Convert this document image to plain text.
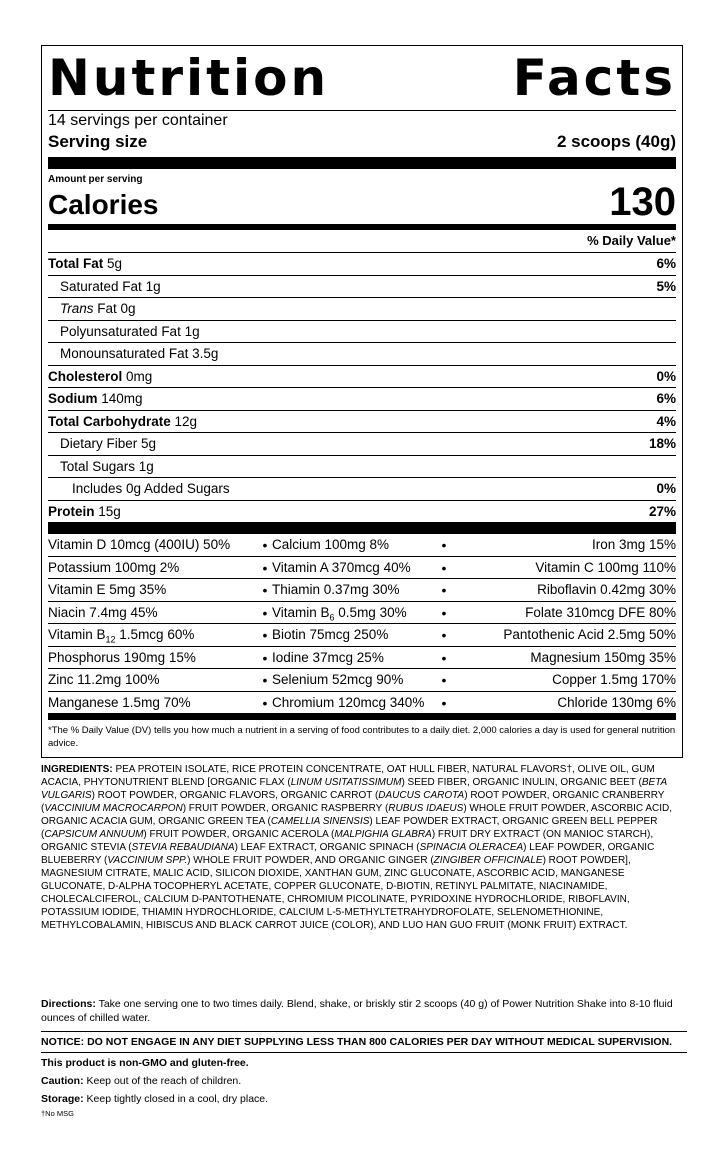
Nutrition	Facts
14 servings per container
Serving size	2 scoops (40g)
Amount per serving
Calories	130
% Daily Value*
Total Fat 5g	6%
Saturated Fat 1g	5%
Trans Fat 0g
Polyunsaturated Fat 1g
Monounsaturated Fat 3.5g
Cholesterol 0mg	0%
Sodium 140mg	6%
Total Carbohydrate 12g	4%
Dietary Fiber 5g	18%
Total Sugars 1g
Includes 0g Added Sugars	0%
Protein 15g	27%
Vitamin D 10mcg (400IU) 50%	• Calcium 100mg 8%	•	Iron 3mg 15%
Potassium 100mg 2%	• Vitamin A 370mcg 40%	•	Vitamin C 100mg 110%
Vitamin E 5mg 35%	• Thiamin 0.37mg 30%	•	Riboflavin 0.42mg 30%
Niacin 7.4mg 45%	• Vitamin $B_6$ 0.5mg 30%	•	Folate 310mcg DFE 80%
Vitamin $B_{12}$ 1.5mcg 60%	• Biotin 75mcg 250%	•	Pantothenic Acid 2.5mg 50%
Phosphorus 190mg 15%	• Iodine 37mcg 25%	•	Magnesium 150mg 35%
Zinc 11.2mg 100%	• Selenium 52mcg 90%	•	Copper 1.5mg 170%
Manganese 1.5mg 70%	• Chromium 120mcg 340%	•	Chloride 130mg 6%
*The % Daily Value (DV) tells you how much a nutrient in a serving of food contributes to a daily diet. 2,000 calories a day is used for general nutrition advice.
INGREDIENTS: PEA PROTEIN ISOLATE, RICE PROTEIN CONCENTRATE, OAT HULL FIBER, NATURAL FLAVORS†, OLIVE OIL, GUM ACACIA, PHYTONUTRIENT BLEND [ORGANIC FLAX (LINUM USITATISSIMUM) SEED FIBER, ORGANIC INULIN, ORGANIC BEET (BETA VULGARIS) ROOT POWDER, ORGANIC FLAVORS, ORGANIC CARROT (DAUCUS CAROTA) ROOT POWDER, ORGANIC CRANBERRY (VACCINIUM MACROCARPON) FRUIT POWDER, ORGANIC RASPBERRY (RUBUS IDAEUS) WHOLE FRUIT POWDER, ASCORBIC ACID, ORGANIC ACACIA GUM, ORGANIC GREEN TEA (CAMELLIA SINENSIS) LEAF POWDER EXTRACT, ORGANIC GREEN BELL PEPPER (CAPSICUM ANNUUM) FRUIT POWDER, ORGANIC ACEROLA (MALPIGHIA GLABRA) FRUIT DRY EXTRACT (ON MANIOC STARCH), ORGANIC STEVIA (STEVIA REBAUDIANA) LEAF EXTRACT, ORGANIC SPINACH (SPINACIA OLERACEA) LEAF POWDER, ORGANIC BLUEBERRY (VACCINIUM SPP.) WHOLE FRUIT POWDER, AND ORGANIC GINGER (ZINGIBER OFFICINALE) ROOT POWDER], MAGNESIUM CITRATE, MALIC ACID, SILICON DIOXIDE, XANTHAN GUM, ZINC GLUCONATE, ASCORBIC ACID, MANGANESE GLUCONATE, D-ALPHA TOCOPHERYL ACETATE, COPPER GLUCONATE, D-BIOTIN, RETINYL PALMITATE, NIACINAMIDE, CHOLECALCIFEROL, CALCIUM D-PANTOTHENATE, CHROMIUM PICOLINATE, PYRIDOXINE HYDROCHLORIDE, RIBOFLAVIN, POTASSIUM IODIDE, THIAMIN HYDROCHLORIDE, CALCIUM L-5-METHYLTETRAHYDROFOLATE, SELENOMETHIONINE, METHYLCOBALAMIN, HIBISCUS AND BLACK CARROT JUICE (COLOR), AND LUO HAN GUO FRUIT (MONK FRUIT) EXTRACT.
Directions: Take one serving one to two times daily. Blend, shake, or briskly stir 2 scoops (40 g) of Power Nutrition Shake into 8-10 fluid ounces of chilled water.
NOTICE: DO NOT ENGAGE IN ANY DIET SUPPLYING LESS THAN 800 CALORIES PER DAY WITHOUT MEDICAL SUPERVISION.
This product is non-GMO and gluten-free.
Caution: Keep out of the reach of children.
Storage: Keep tightly closed in a cool, dry place.
†No MSG
